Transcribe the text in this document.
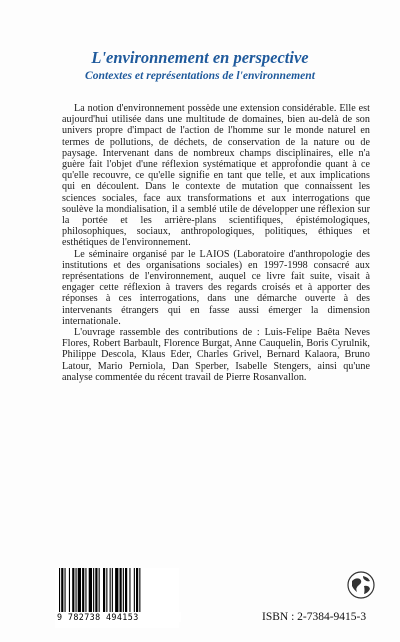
L'environnement en perspective
Contextes et représentations de l'environnement

La notion d'environnement possède une extension considérable. Elle est aujourd'hui utilisée dans une multitude de domaines, bien au-delà de son univers propre d'impact de l'action de l'homme sur le monde naturel en termes de pollutions, de déchets, de conservation de la nature ou de paysage. Intervenant dans de nombreux champs disciplinaires, elle n'a guère fait l'objet d'une réflexion systématique et approfondie quant à ce qu'elle recouvre, ce qu'elle signifie en tant que telle, et aux implications qui en découlent. Dans le contexte de mutation que connaissent les sciences sociales, face aux transformations et aux interrogations que soulève la mondialisation, il a semblé utile de développer une réflexion sur la portée et les arrière-plans scientifiques, épistémologiques, philosophiques, sociaux, anthropologiques, politiques, éthiques et esthétiques de l'environnement.

Le séminaire organisé par le LAIOS (Laboratoire d'anthropologie des institutions et des organisations sociales) en 1997-1998 consacré aux représentations de l'environnement, auquel ce livre fait suite, visait à engager cette réflexion à travers des regards croisés et à apporter des réponses à ces interrogations, dans une démarche ouverte à des intervenants étrangers qui en fasse aussi émerger la dimension internationale.

L'ouvrage rassemble des contributions de : Luis-Felipe Baêta Neves Flores, Robert Barbault, Florence Burgat, Anne Cauquelin, Boris Cyrulnik, Philippe Descola, Klaus Eder, Charles Grivel, Bernard Kalaora, Bruno Latour, Mario Perniola, Dan Sperber, Isabelle Stengers, ainsi qu'une analyse commentée du récent travail de Pierre Rosanvallon.

9 782738 494153	ISBN : 2-7384-9415-3
